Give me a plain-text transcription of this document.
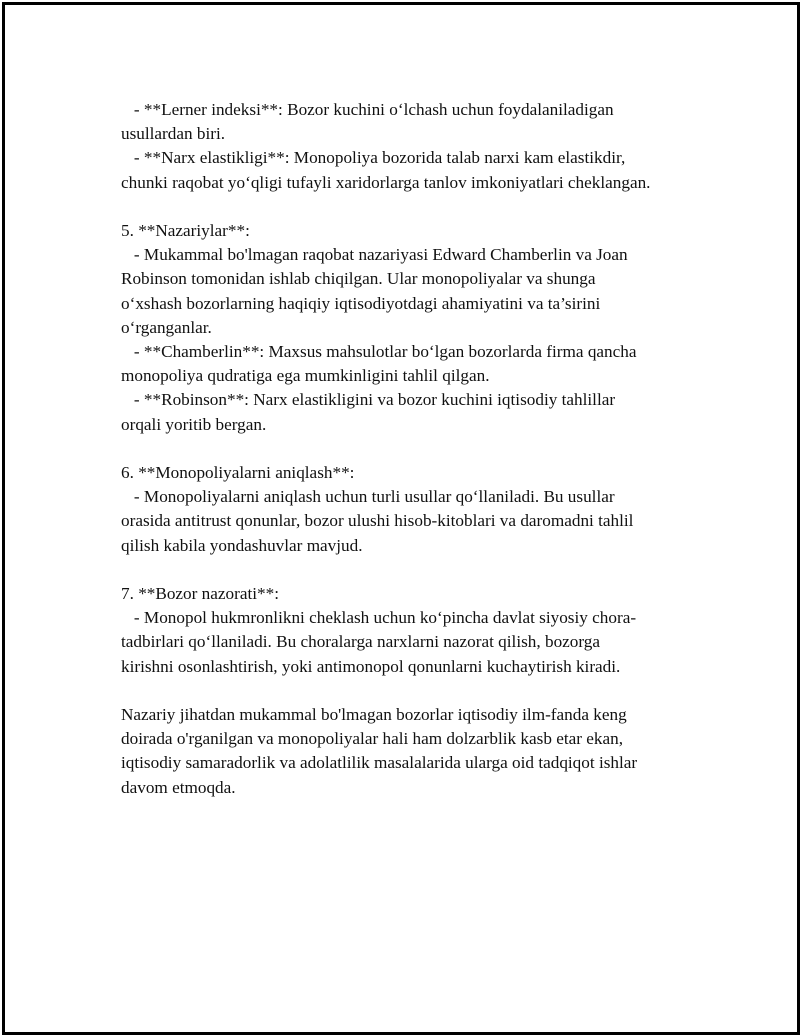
- **Lerner indeksi**: Bozor kuchini o‘lchash uchun foydalaniladigan
usullardan biri.

- **Narx elastikligi**: Monopoliya bozorida talab narxi kam elastikdir,
chunki raqobat yo‘qligi tufayli xaridorlarga tanlov imkoniyatlari cheklangan.

5. **Nazariylar**:

- Mukammal bo'lmagan raqobat nazariyasi Edward Chamberlin va Joan
Robinson tomonidan ishlab chiqilgan. Ular monopoliyalar va shunga
o‘xshash bozorlarning haqiqiy iqtisodiyotdagi ahamiyatini va ta’sirini
o‘rganganlar.

- **Chamberlin**: Maxsus mahsulotlar bo‘lgan bozorlarda firma qancha
monopoliya qudratiga ega mumkinligini tahlil qilgan.

- **Robinson**: Narx elastikligini va bozor kuchini iqtisodiy tahlillar
orqali yoritib bergan.

6. **Monopoliyalarni aniqlash**:

- Monopoliyalarni aniqlash uchun turli usullar qo‘llaniladi. Bu usullar
orasida antitrust qonunlar, bozor ulushi hisob-kitoblari va daromadni tahlil
qilish kabila yondashuvlar mavjud.

7. **Bozor nazorati**:

- Monopol hukmronlikni cheklash uchun ko‘pincha davlat siyosiy chora-
tadbirlari qo‘llaniladi. Bu choralarga narxlarni nazorat qilish, bozorga
kirishni osonlashtirish, yoki antimonopol qonunlarni kuchaytirish kiradi.

Nazariy jihatdan mukammal bo'lmagan bozorlar iqtisodiy ilm-fanda keng
doirada o'rganilgan va monopoliyalar hali ham dolzarblik kasb etar ekan,
iqtisodiy samaradorlik va adolatlilik masalalarida ularga oid tadqiqot ishlar
davom etmoqda.
